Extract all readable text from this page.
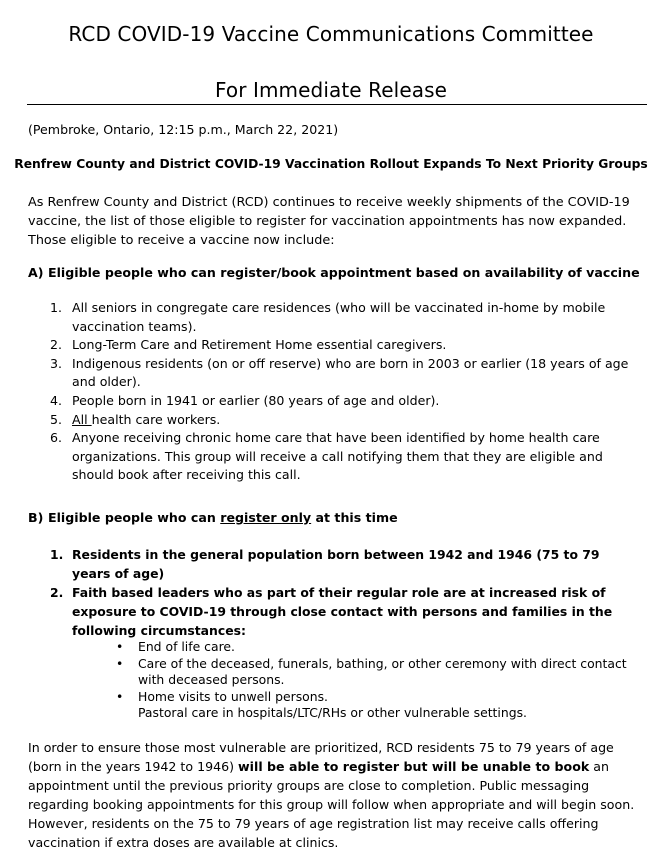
RCD COVID-19 Vaccine Communications Committee
For Immediate Release
(Pembroke, Ontario, 12:15 p.m., March 22, 2021)
Renfrew County and District COVID-19 Vaccination Rollout Expands To Next Priority Groups
As Renfrew County and District (RCD) continues to receive weekly shipments of the COVID-19 vaccine, the list of those eligible to register for vaccination appointments has now expanded. Those eligible to receive a vaccine now include:
A) Eligible people who can register/book appointment based on availability of vaccine
1. All seniors in congregate care residences (who will be vaccinated in-home by mobile vaccination teams).
2. Long-Term Care and Retirement Home essential caregivers.
3. Indigenous residents (on or off reserve) who are born in 2003 or earlier (18 years of age and older).
4. People born in 1941 or earlier (80 years of age and older).
5. All health care workers.
6. Anyone receiving chronic home care that have been identified by home health care organizations. This group will receive a call notifying them that they are eligible and should book after receiving this call.
B) Eligible people who can register only at this time
1. Residents in the general population born between 1942 and 1946 (75 to 79 years of age)
2. Faith based leaders who as part of their regular role are at increased risk of exposure to COVID-19 through close contact with persons and families in the following circumstances:
• End of life care.
• Care of the deceased, funerals, bathing, or other ceremony with direct contact with deceased persons.
• Home visits to unwell persons.
Pastoral care in hospitals/LTC/RHs or other vulnerable settings.
In order to ensure those most vulnerable are prioritized, RCD residents 75 to 79 years of age (born in the years 1942 to 1946) will be able to register but will be unable to book an appointment until the previous priority groups are close to completion. Public messaging regarding booking appointments for this group will follow when appropriate and will begin soon. However, residents on the 75 to 79 years of age registration list may receive calls offering vaccination if extra doses are available at clinics.
